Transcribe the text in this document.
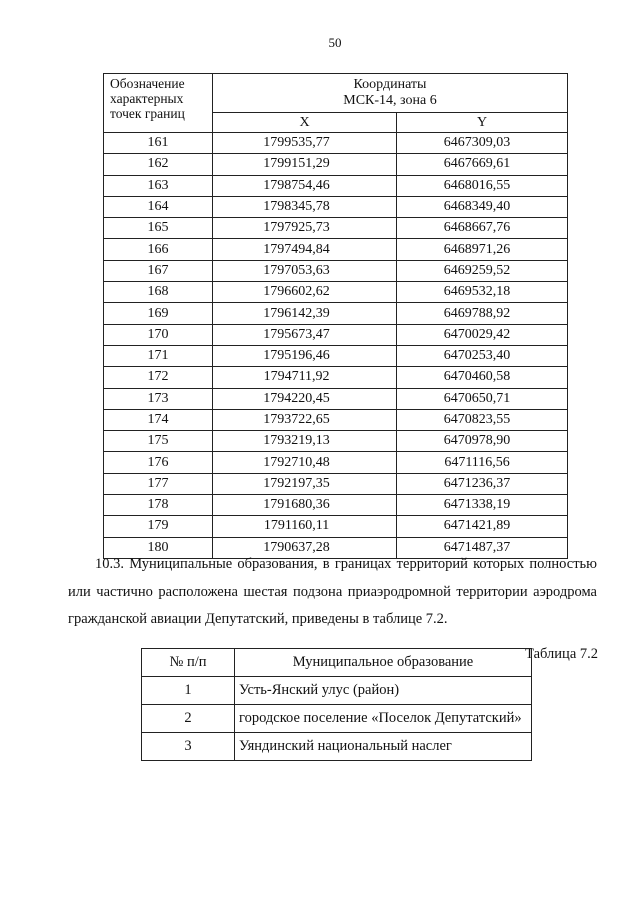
50
Обозначение
характерных
точек границ	Координаты
МСК-14, зона 6	
	X	Y
161	1799535,77	6467309,03
162	1799151,29	6467669,61
163	1798754,46	6468016,55
164	1798345,78	6468349,40
165	1797925,73	6468667,76
166	1797494,84	6468971,26
167	1797053,63	6469259,52
168	1796602,62	6469532,18
169	1796142,39	6469788,92
170	1795673,47	6470029,42
171	1795196,46	6470253,40
172	1794711,92	6470460,58
173	1794220,45	6470650,71
174	1793722,65	6470823,55
175	1793219,13	6470978,90
176	1792710,48	6471116,56
177	1792197,35	6471236,37
178	1791680,36	6471338,19
179	1791160,11	6471421,89
180	1790637,28	6471487,37
10.3. Муниципальные образования, в границах территорий которых полностью или частично расположена шестая подзона приаэродромной территории аэродрома гражданской авиации Депутатский, приведены в таблице 7.2.
Таблица 7.2
№ п/п	Муниципальное образование
1	Усть-Янский улус (район)
2	городское поселение «Поселок Депутатский»
3	Уяндинский национальный наслег
